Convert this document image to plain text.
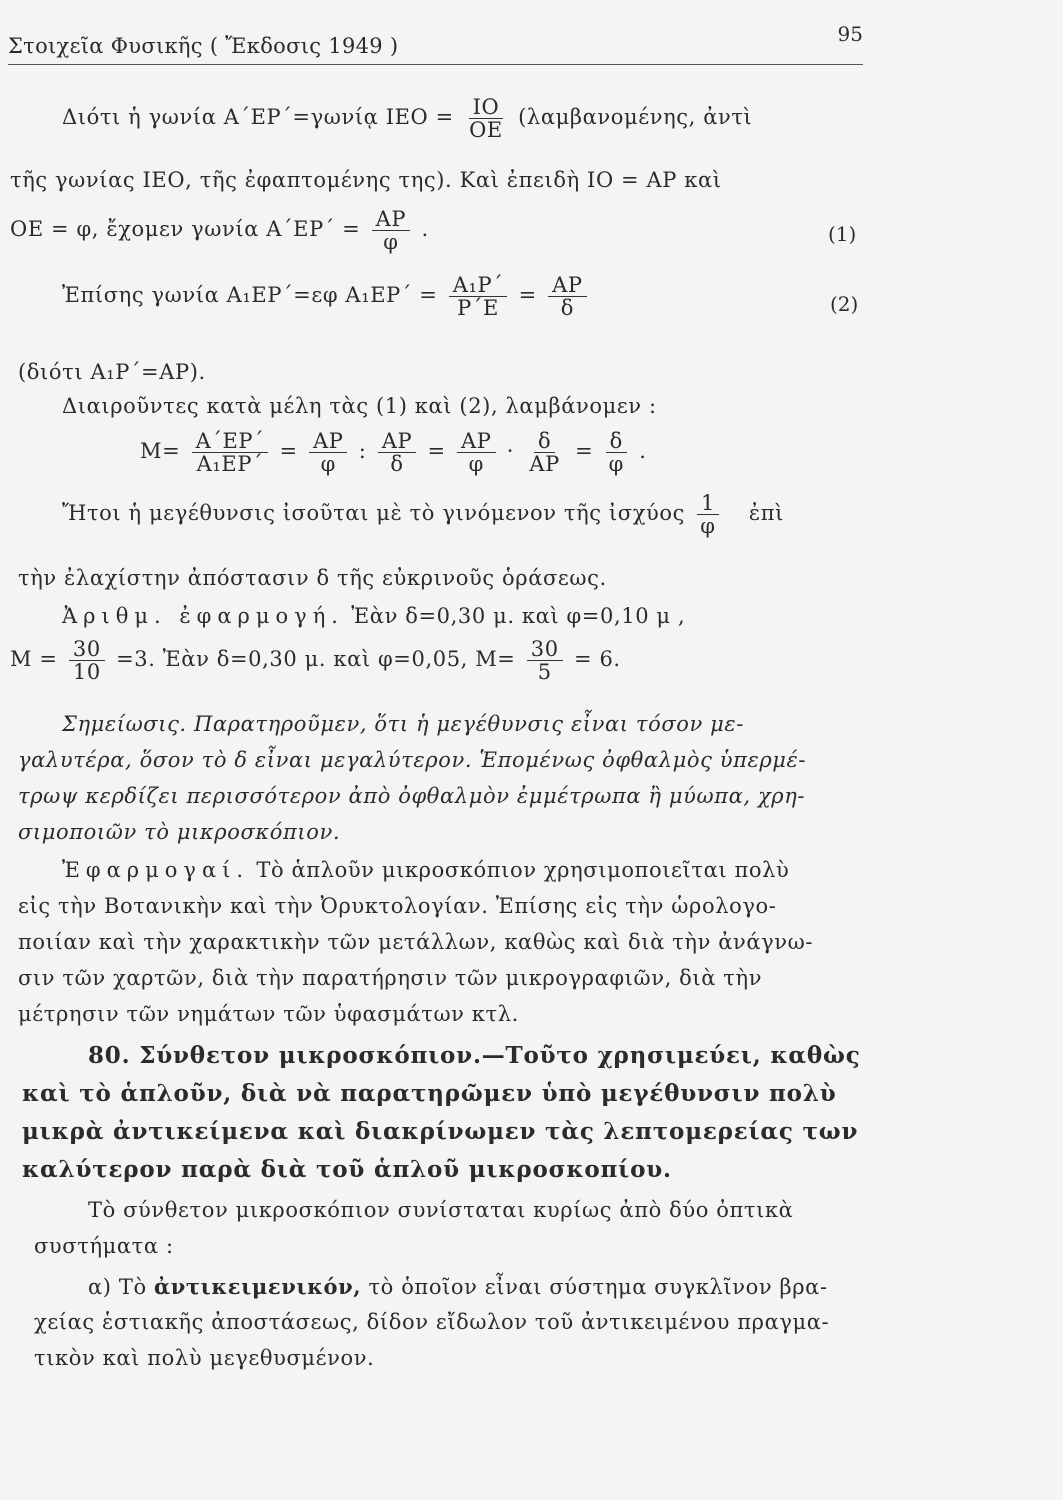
Στοιχεῖα Φυσικῆς ( Ἔκδοσις 1949 )	95
Διότι ἡ γωνία Α΄ΕΡ΄=γωνίᾳ $IEO = \frac{IO}{OE} (\lambda\alpha\mu\beta\alpha\nu o\mu έ\nu\eta\varsigma$, ἀντὶ
τῆς γωνίας ΙΕΟ, τῆς ἐφαπτομένης της). Καὶ ἐπειδὴ ΙΟ = ΑΡ καὶ
ΟΕ = φ, ἔχομεν γωνία $A΄EP΄ = \frac{AP}{\varphi}$ .	(1)
Ἐπίσης γωνία Α₁ΕΡ΄=εφ $A_1EP΄ = \frac{\text{Α₁Ρ΄}}{P΄E} = \frac{AP}{\delta}$	(2)
(διότι Α₁Ρ΄=ΑΡ).
Διαιροῦντες κατὰ μέλη τὰς (1) καὶ (2), λαμβάνομεν :
$M= \frac{A΄EP΄}{\text{Α₁ΕΡ΄}} = \frac{AP}{\varphi}$ : $\frac{AP}{\delta} = \frac{AP}{\varphi} \cdot \frac{\delta}{AP} = \frac{\delta}{\varphi}$ .
Ἤτοι ἡ μεγέθυνσις ἰσοῦται μὲ τὸ γινόμενον τῆς ἰσχύος $\frac{1}{\varphi}$ ἐπὶ
τὴν ἐλαχίστην ἀπόστασιν δ τῆς εὐκρινοῦς ὁράσεως.
Ἀριθμ. ἐφαρμογή. Ἐὰν δ=0,30 μ. καὶ φ=0,10 μ ,
$M = \frac{30}{10} =3$. Ἐὰν δ=0,30 μ. καὶ φ=0,05, $M= \frac{30}{5} = 6$.
Σημείωσις. Παρατηροῦμεν, ὅτι ἡ μεγέθυνσις εἶναι τόσον με-
γαλυτέρα, ὅσον τὸ δ εἶναι μεγαλύτερον. Ἑπομένως ὀφθαλμὸς ὑπερμέ-
τρωψ κερδίζει περισσότερον ἀπὸ ὀφθαλμὸν ἐμμέτρωπα ἢ μύωπα, χρη-
σιμοποιῶν τὸ μικροσκόπιον.
Ἐφαρμογαί. Τὸ ἁπλοῦν μικροσκόπιον χρησιμοποιεῖται πολὺ
εἰς τὴν Βοτανικὴν καὶ τὴν Ὀρυκτολογίαν. Ἐπίσης εἰς τὴν ὡρολογο-
ποιίαν καὶ τὴν χαρακτικὴν τῶν μετάλλων, καθὼς καὶ διὰ τὴν ἀνάγνω-
σιν τῶν χαρτῶν, διὰ τὴν παρατήρησιν τῶν μικρογραφιῶν, διὰ τὴν
μέτρησιν τῶν νημάτων τῶν ὑφασμάτων κτλ.
80. Σύνθετον μικροσκόπιον.—Τοῦτο χρησιμεύει, καθὼς
καὶ τὸ ἁπλοῦν, διὰ νὰ παρατηρῶμεν ὑπὸ μεγέθυνσιν πολὺ
μικρὰ ἀντικείμενα καὶ διακρίνωμεν τὰς λεπτομερείας των
καλύτερον παρὰ διὰ τοῦ ἁπλοῦ μικροσκοπίου.
Τὸ σύνθετον μικροσκόπιον συνίσταται κυρίως ἀπὸ δύο ὀπτικὰ
συστήματα :
α) Τὸ ἀντικειμενικόν, τὸ ὁποῖον εἶναι σύστημα συγκλῖνον βρα-
χείας ἑστιακῆς ἀποστάσεως, δίδον εἴδωλον τοῦ ἀντικειμένου πραγμα-
τικὸν καὶ πολὺ μεγεθυσμένον.
